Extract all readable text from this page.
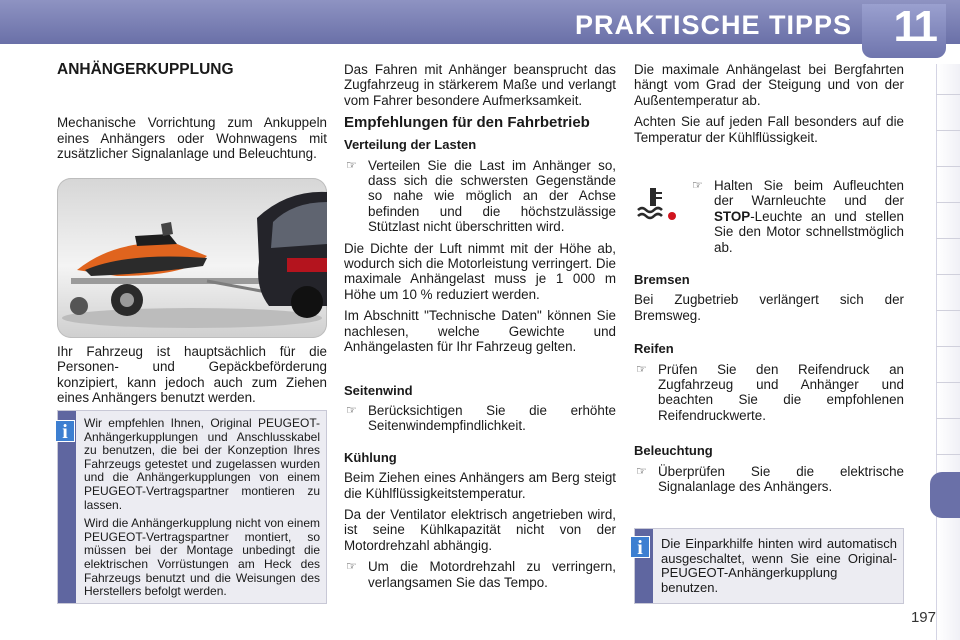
PRAKTISCHE TIPPS 11
ANHÄNGERKUPPLUNG

Mechanische Vorrichtung zum Ankuppeln eines Anhängers oder Wohnwagens mit zusätzlicher Signalanlage und Beleuchtung.

Ihr Fahrzeug ist hauptsächlich für die Personen- und Gepäckbeförderung konzipiert, kann jedoch auch zum Ziehen eines Anhängers benutzt werden.

Wir empfehlen Ihnen, Original PEUGEOT-Anhängerkupplungen und Anschlusskabel zu benutzen, die bei der Konzeption Ihres Fahrzeugs getestet und zugelassen wurden und die Anhängerkupplungen von einem PEUGEOT-Vertragspartner montieren zu lassen.

Wird die Anhängerkupplung nicht von einem PEUGEOT-Vertragspartner montiert, so müssen bei der Montage unbedingt die elektrischen Vorrüstungen am Heck des Fahrzeugs benutzt und die Weisungen des Herstellers befolgt werden.

i

Das Fahren mit Anhänger beansprucht das Zugfahrzeug in stärkerem Maße und verlangt vom Fahrer besondere Aufmerksamkeit.

Empfehlungen für den Fahrbetrieb
Verteilung der Lasten
☞ Verteilen Sie die Last im Anhänger so, dass sich die schwersten Gegenstände so nahe wie möglich an der Achse befinden und die höchstzulässige Stützlast nicht überschritten wird.

Die Dichte der Luft nimmt mit der Höhe ab, wodurch sich die Motorleistung verringert. Die maximale Anhängelast muss je 1 000 m Höhe um 10 % reduziert werden.

Im Abschnitt "Technische Daten" können Sie nachlesen, welche Gewichte und Anhängelasten für Ihr Fahrzeug gelten.

Seitenwind
☞ Berücksichtigen Sie die erhöhte Seitenwindempfindlichkeit.
Kühlung

Beim Ziehen eines Anhängers am Berg steigt die Kühlflüssigkeitstemperatur.

Da der Ventilator elektrisch angetrieben wird, ist seine Kühlkapazität nicht von der Motordrehzahl abhängig.

☞ Um die Motordrehzahl zu verringern, verlangsamen Sie das Tempo.

Die maximale Anhängelast bei Bergfahrten hängt vom Grad der Steigung und von der Außentemperatur ab.

Achten Sie auf jeden Fall besonders auf die Temperatur der Kühlflüssigkeit.

☞ Halten Sie beim Aufleuchten der Warnleuchte und der STOP-Leuchte an und stellen Sie den Motor schnellstmöglich ab.
Bremsen

Bei Zugbetrieb verlängert sich der Bremsweg.

Reifen
☞ Prüfen Sie den Reifendruck an Zugfahrzeug und Anhänger und beachten Sie die empfohlenen Reifendruckwerte.
Beleuchtung
☞ Überprüfen Sie die elektrische Signalanlage des Anhängers.

Die Einparkhilfe hinten wird automatisch ausgeschaltet, wenn Sie eine Original-PEUGEOT-Anhängerkupplung benutzen.

i
197
